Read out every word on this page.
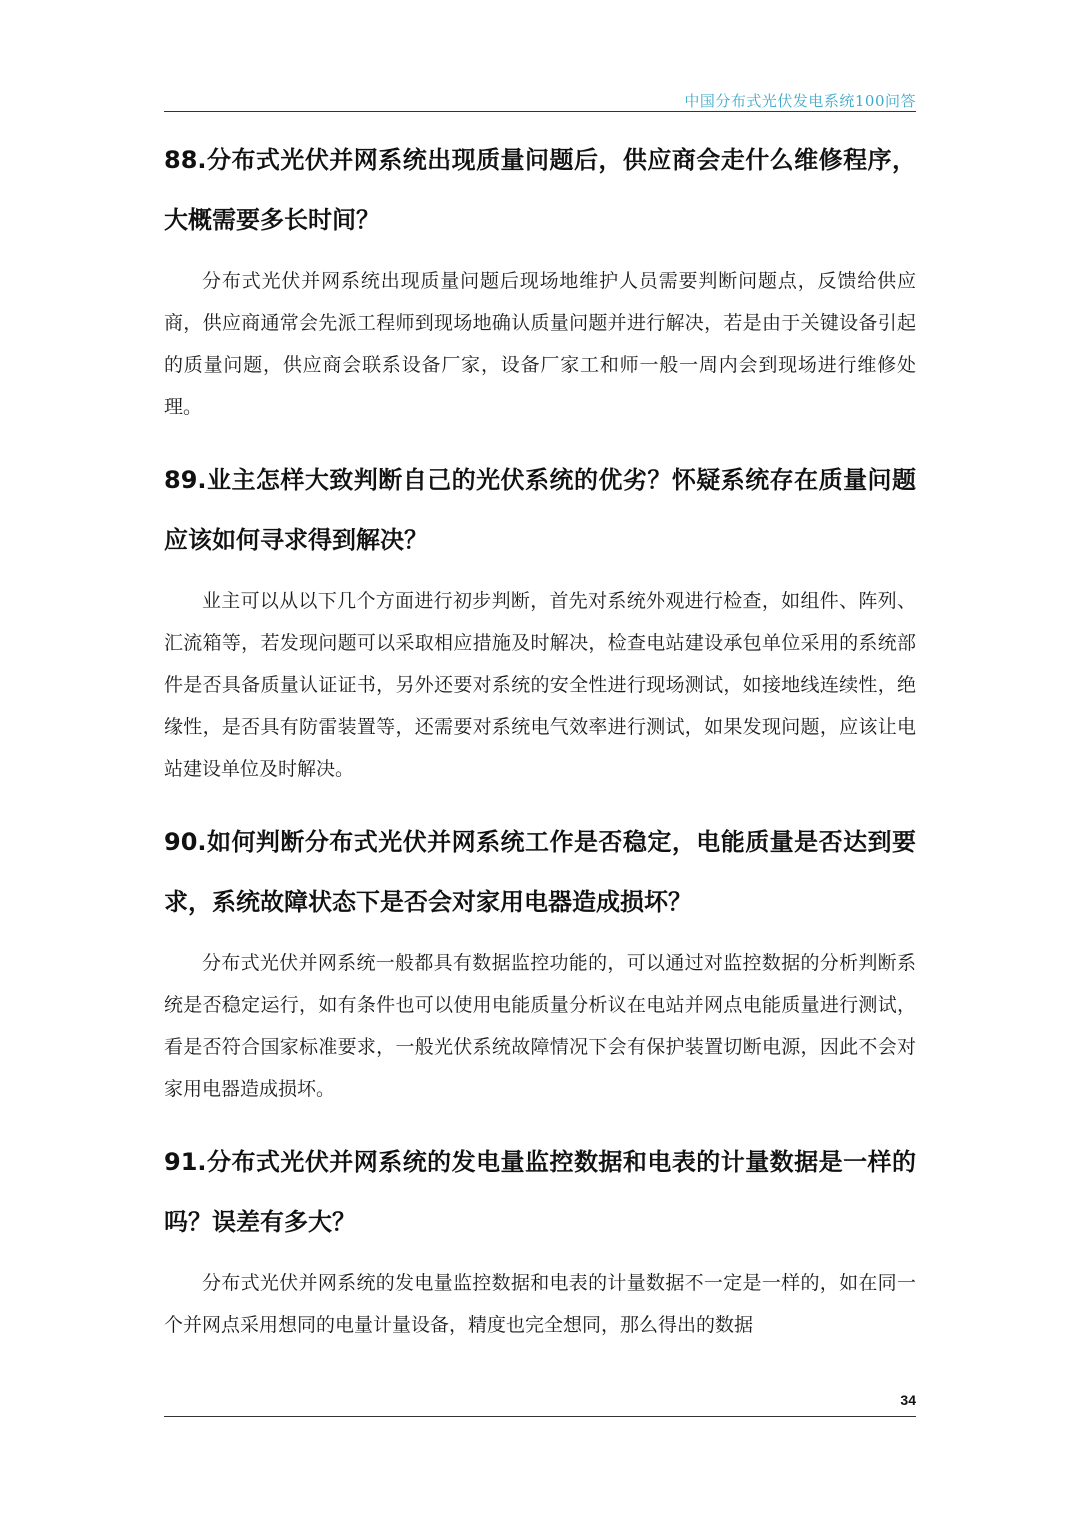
中国分布式光伏发电系统100问答

88.分布式光伏并网系统出现质量问题后，供应商会走什么维修程序，大概需要多长时间？

分布式光伏并网系统出现质量问题后现场地维护人员需要判断问题点，反馈给供应商，供应商通常会先派工程师到现场地确认质量问题并进行解决，若是由于关键设备引起的质量问题，供应商会联系设备厂家，设备厂家工和师一般一周内会到现场进行维修处理。

89.业主怎样大致判断自己的光伏系统的优劣？怀疑系统存在质量问题应该如何寻求得到解决？

业主可以从以下几个方面进行初步判断，首先对系统外观进行检查，如组件、阵列、汇流箱等，若发现问题可以采取相应措施及时解决，检查电站建设承包单位采用的系统部件是否具备质量认证证书，另外还要对系统的安全性进行现场测试，如接地线连续性，绝缘性，是否具有防雷装置等，还需要对系统电气效率进行测试，如果发现问题，应该让电站建设单位及时解决。

90.如何判断分布式光伏并网系统工作是否稳定，电能质量是否达到要求，系统故障状态下是否会对家用电器造成损坏？

分布式光伏并网系统一般都具有数据监控功能的，可以通过对监控数据的分析判断系统是否稳定运行，如有条件也可以使用电能质量分析议在电站并网点电能质量进行测试，看是否符合国家标准要求，一般光伏系统故障情况下会有保护装置切断电源，因此不会对家用电器造成损坏。

91.分布式光伏并网系统的发电量监控数据和电表的计量数据是一样的吗？误差有多大？

分布式光伏并网系统的发电量监控数据和电表的计量数据不一定是一样的，如在同一个并网点采用想同的电量计量设备，精度也完全想同，那么得出的数据

34
